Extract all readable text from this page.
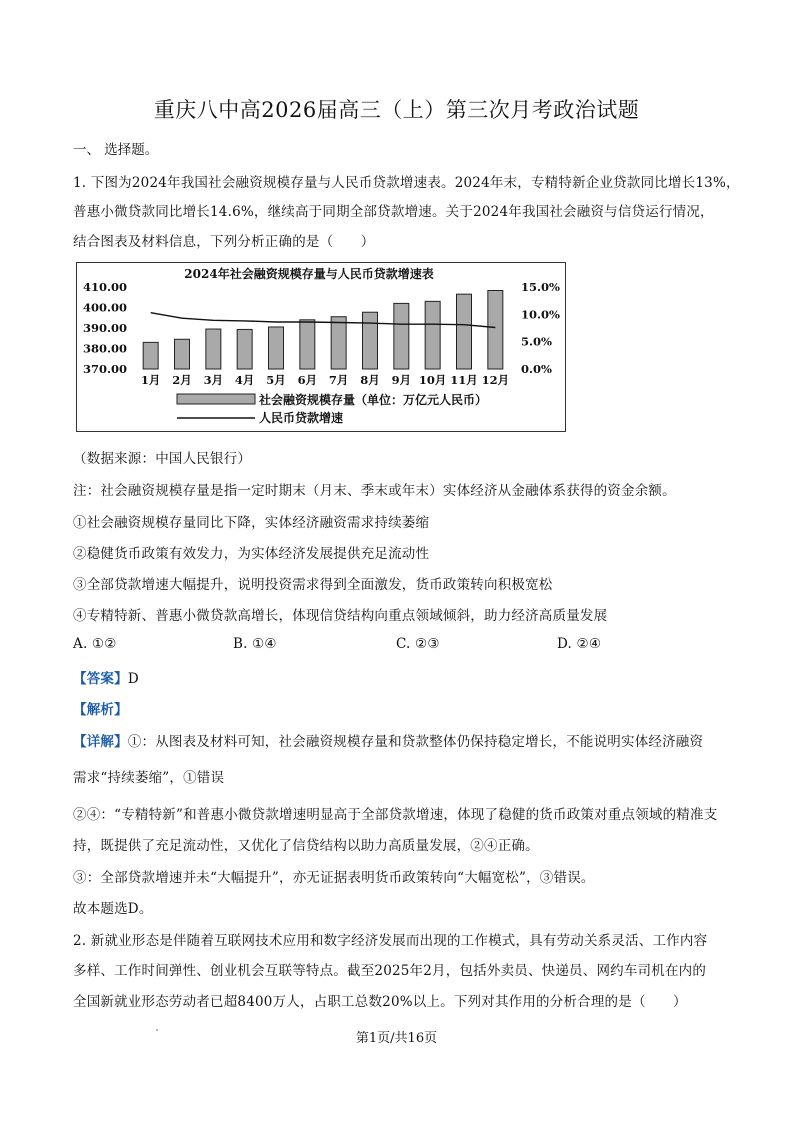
重庆八中高2026届高三（上）第三次月考政治试题
一、 选择题。
1. 下图为2024年我国社会融资规模存量与人民币贷款增速表。2024年末，专精特新企业贷款同比增长13%，
普惠小微贷款同比增长14.6%，继续高于同期全部贷款增速。关于2024年我国社会融资与信贷运行情况，
结合图表及材料信息，下列分析正确的是（　　）
2024年社会融资规模存量与人民币贷款增速表
410.00
400.00
390.00
380.00
370.00
15.0%
10.0%
5.0%
0.0%
1月 2月 3月 4月 5月 6月 7月 8月 9月 10月 11月 12月
社会融资规模存量（单位：万亿元人民币）
人民币贷款增速
（数据来源：中国人民银行）
注：社会融资规模存量是指一定时期末（月末、季末或年末）实体经济从金融体系获得的资金余额。
①社会融资规模存量同比下降，实体经济融资需求持续萎缩
②稳健货币政策有效发力，为实体经济发展提供充足流动性
③全部贷款增速大幅提升，说明投资需求得到全面激发，货币政策转向积极宽松
④专精特新、普惠小微贷款高增长，体现信贷结构向重点领域倾斜，助力经济高质量发展
A. ①②	B. ①④	C. ②③	D. ②④
【答案】D
【解析】
【详解】①：从图表及材料可知，社会融资规模存量和贷款整体仍保持稳定增长，不能说明实体经济融资
需求“持续萎缩”，①错误
②④：“专精特新”和普惠小微贷款增速明显高于全部贷款增速，体现了稳健的货币政策对重点领域的精准支
持，既提供了充足流动性，又优化了信贷结构以助力高质量发展，②④正确。
③：全部贷款增速并未“大幅提升”，亦无证据表明货币政策转向“大幅宽松”，③错误。
故本题选D。
2. 新就业形态是伴随着互联网技术应用和数字经济发展而出现的工作模式，具有劳动关系灵活、工作内容
多样、工作时间弹性、创业机会互联等特点。截至2025年2月，包括外卖员、快递员、网约车司机在内的
全国新就业形态劳动者已超8400万人，占职工总数20%以上。下列对其作用的分析合理的是（　　）
第1页/共16页
